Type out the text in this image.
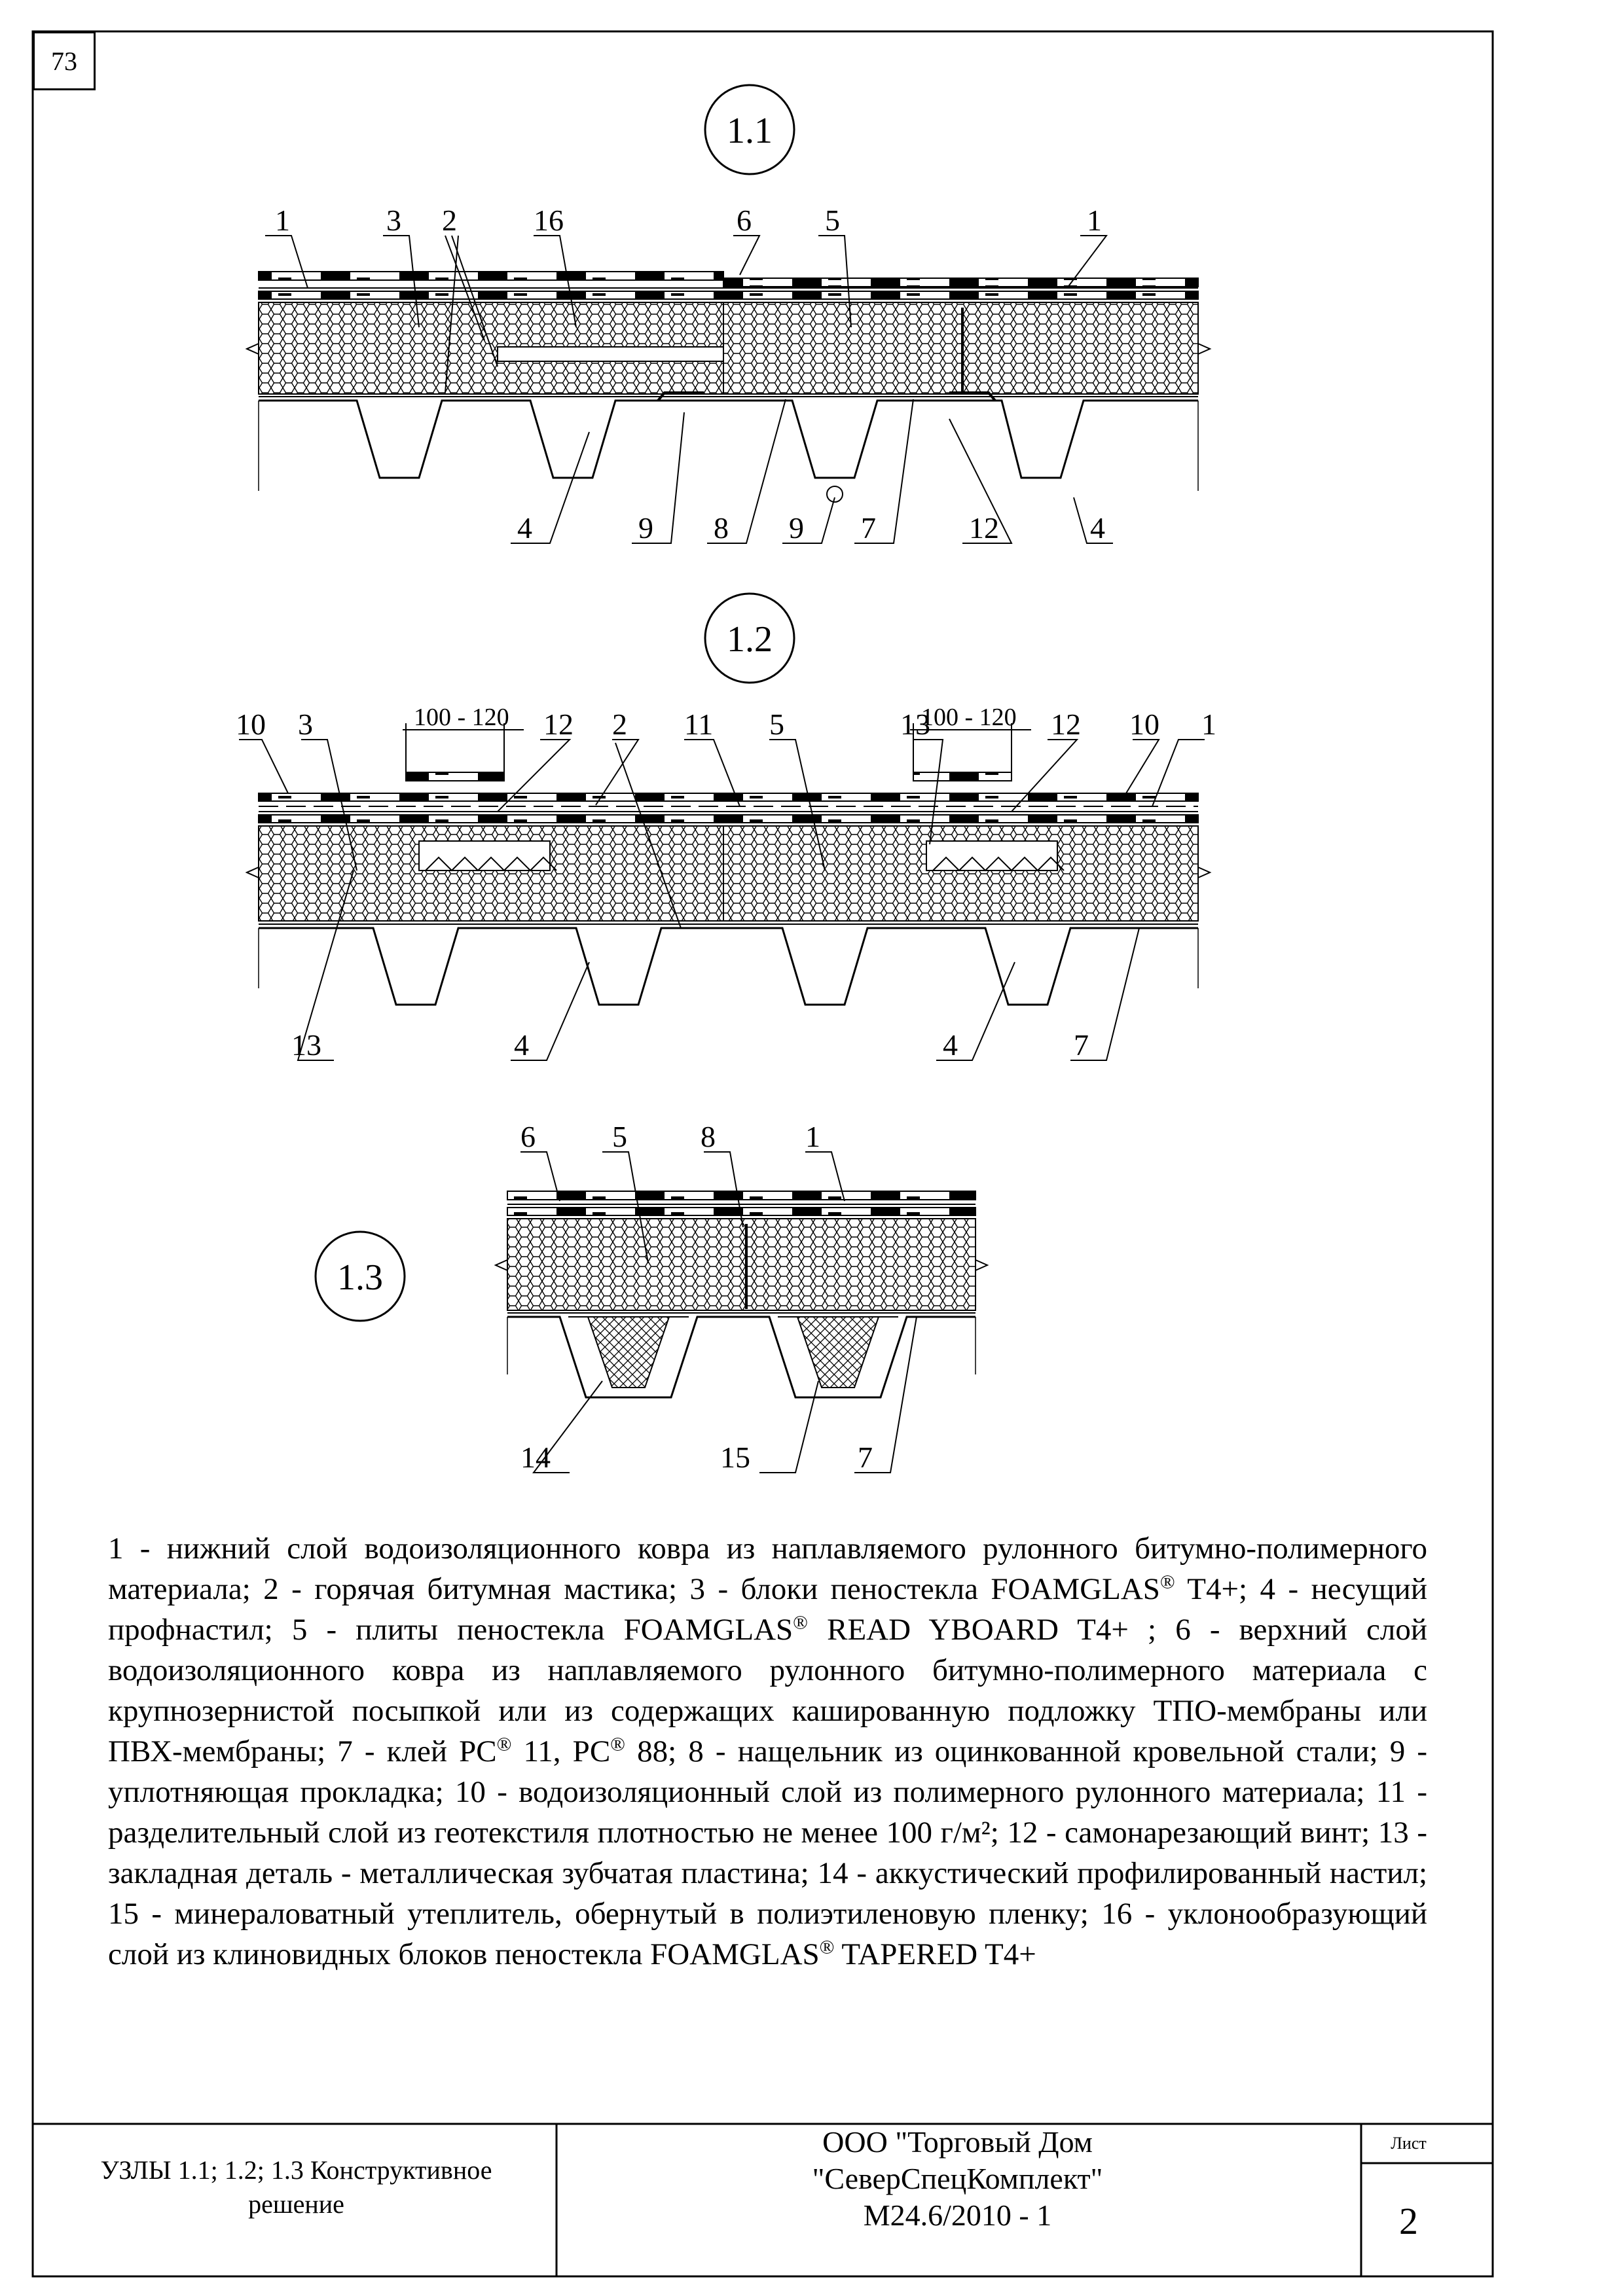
1.1
1	3 2	16	6 5	1
4	9 8 9 7	12	4
1.2
100 - 120	100 - 120
10 3	12 2 11 5	13	12 10 1
13	4	4	7
1.3
6	5 8	1
14	15	7
73
1 - нижний слой водоизоляционного ковра из наплавляемого рулонного битумно-полимерного материала; 2 - горячая битумная мастика; 3 - блоки пеностекла FOAMGLAS® T4+; 4 - несущий профнастил; 5 - плиты пеностекла FOAMGLAS® READ YBOARD T4+ ; 6 - верхний слой водоизоляционного ковра из наплавляемого рулонного битумно-полимерного материала с крупнозернистой посыпкой или из содержащих кашированную подложку ТПО-мембраны или ПВХ-мембраны; 7 - клей PC® 11, PC® 88; 8 - нащельник из оцинкованной кровельной стали; 9 - уплотняющая прокладка; 10 - водоизоляционный слой из полимерного рулонного материала; 11 - разделительный слой из геотекстиля плотностью не менее 100 г/м²; 12 - самонарезающий винт; 13 - закладная деталь - металлическая зубчатая пластина; 14 - аккустический профилированный настил; 15 - минераловатный утеплитель, обернутый в полиэтиленовую пленку; 16 - уклонообразующий слой из клиновидных блоков пеностекла FOAMGLAS® TAPERED T4+
УЗЛЫ 1.1; 1.2; 1.3 Конструктивное
решение
ООО "Торговый Дом
"СеверСпецКомплект"
М24.6/2010 - 1
Лист
2
